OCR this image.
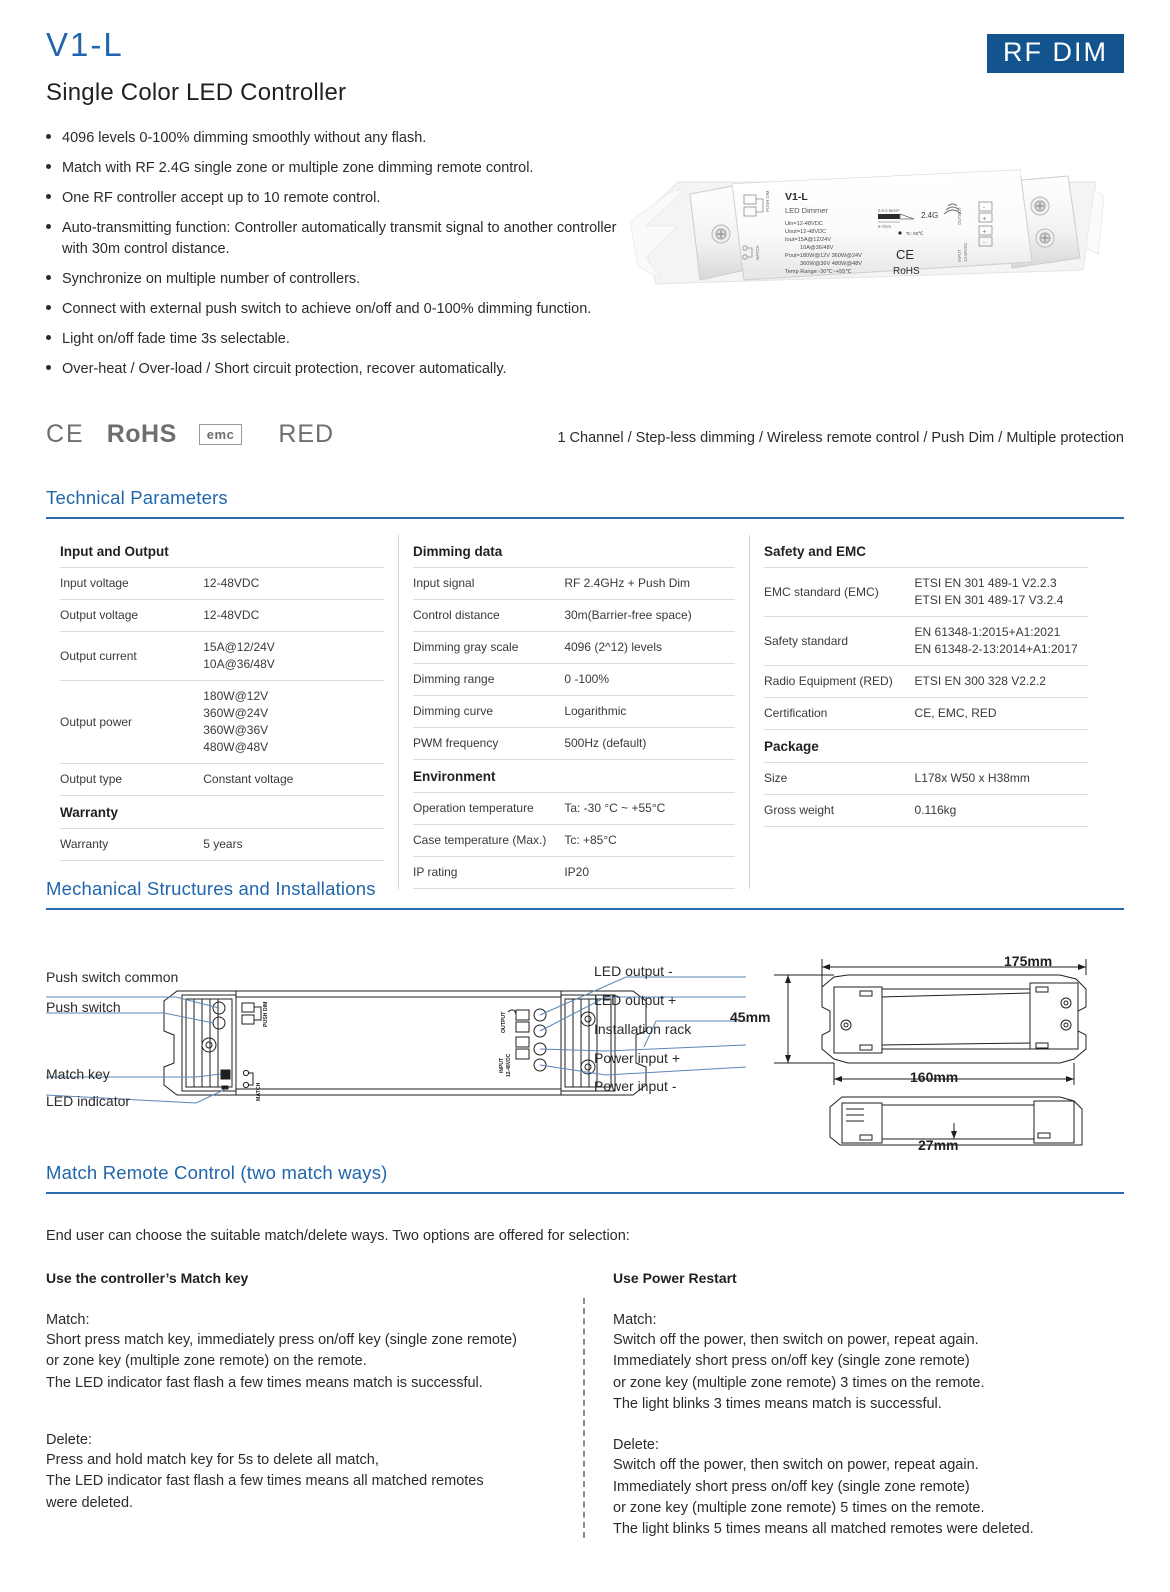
V1-L
Single Color LED Controller
RF DIM
4096 levels 0-100% dimming smoothly without any flash.
Match with RF 2.4G single zone or multiple zone dimming remote control.
One RF controller accept up to 10 remote control.
Auto-transmitting function: Controller automatically transmit signal to another controller with 30m control distance.
Synchronize on multiple number of controllers.
Connect with external push switch to achieve on/off and 0-100% dimming function.
Light on/off fade time 3s selectable.
Over-heat / Over-load / Short circuit protection, recover automatically.
PUSH DIM
MATCH
V1-L
LED Dimmer
Uin=12-48VDC
Uout=12-48VDC
Iout=15A@12/24V
10A@36/48V
Pout=180W@12V 360W@24V
360W@36V 480W@48V
Temp Range:-30℃~+55℃
0.5-2.5mm²
6-7mm
2.4G
Tc: 85℃
CE
RoHS
OUTPUT	-
+
INPUT 12-48VDC
+
-
CE RoHS	emc	RED	1 Channel / Step-less dimming / Wireless remote control / Push Dim / Multiple protection
Technical Parameters
Input and Output
Input voltage	12-48VDC
Output voltage	12-48VDC
Output current	15A@12/24V
10A@36/48V
Output power	180W@12V
360W@24V
360W@36V
480W@48V
Output type	Constant voltage
Warranty
Warranty	5 years
Dimming data
Input signal	RF 2.4GHz + Push Dim
Control distance	30m(Barrier-free space)
Dimming gray scale	4096 (2^12) levels
Dimming range	0 -100%
Dimming curve	Logarithmic
PWM frequency	500Hz (default)
Environment
Operation temperature	Ta: -30 °C ~ +55°C
Case temperature (Max.)	Tc: +85°C
IP rating	IP20
Safety and EMC
EMC standard (EMC)	ETSI EN 301 489-1 V2.2.3
ETSI EN 301 489-17 V3.2.4
Safety standard	EN 61348-1:2015+A1:2021
EN 61348-2-13:2014+A1:2017
Radio Equipment (RED)	ETSI EN 300 328 V2.2.2
Certification	CE, EMC, RED
Package
Size	L178x W50 x H38mm
Gross weight	0.116kg
Mechanical Structures and Installations
PUSH DIM
MATCH
OUTPUT
INPUT 12-48VDC
Push switch common
Push switch
Match key
LED indicator
LED output -
LED output +
Installation rack
Power input +
Power input -
175mm
45mm
160mm
27mm
Match Remote Control (two match ways)
End user can choose the suitable match/delete ways. Two options are offered for selection:
Use the controller’s Match key
Match:

Short press match key, immediately press on/off key (single zone remote)
or zone key (multiple zone remote) on the remote.
The LED indicator fast flash a few times means match is successful.

Delete:

Press and hold match key for 5s to delete all match,
The LED indicator fast flash a few times means all matched remotes
were deleted.

Use Power Restart
Match:

Switch off the power, then switch on power, repeat again.
Immediately short press on/off key (single zone remote)
or zone key (multiple zone remote) 3 times on the remote.
The light blinks 3 times means match is successful.

Delete:

Switch off the power, then switch on power, repeat again.
Immediately short press on/off key (single zone remote)
or zone key (multiple zone remote) 5 times on the remote.
The light blinks 5 times means all matched remotes were deleted.
